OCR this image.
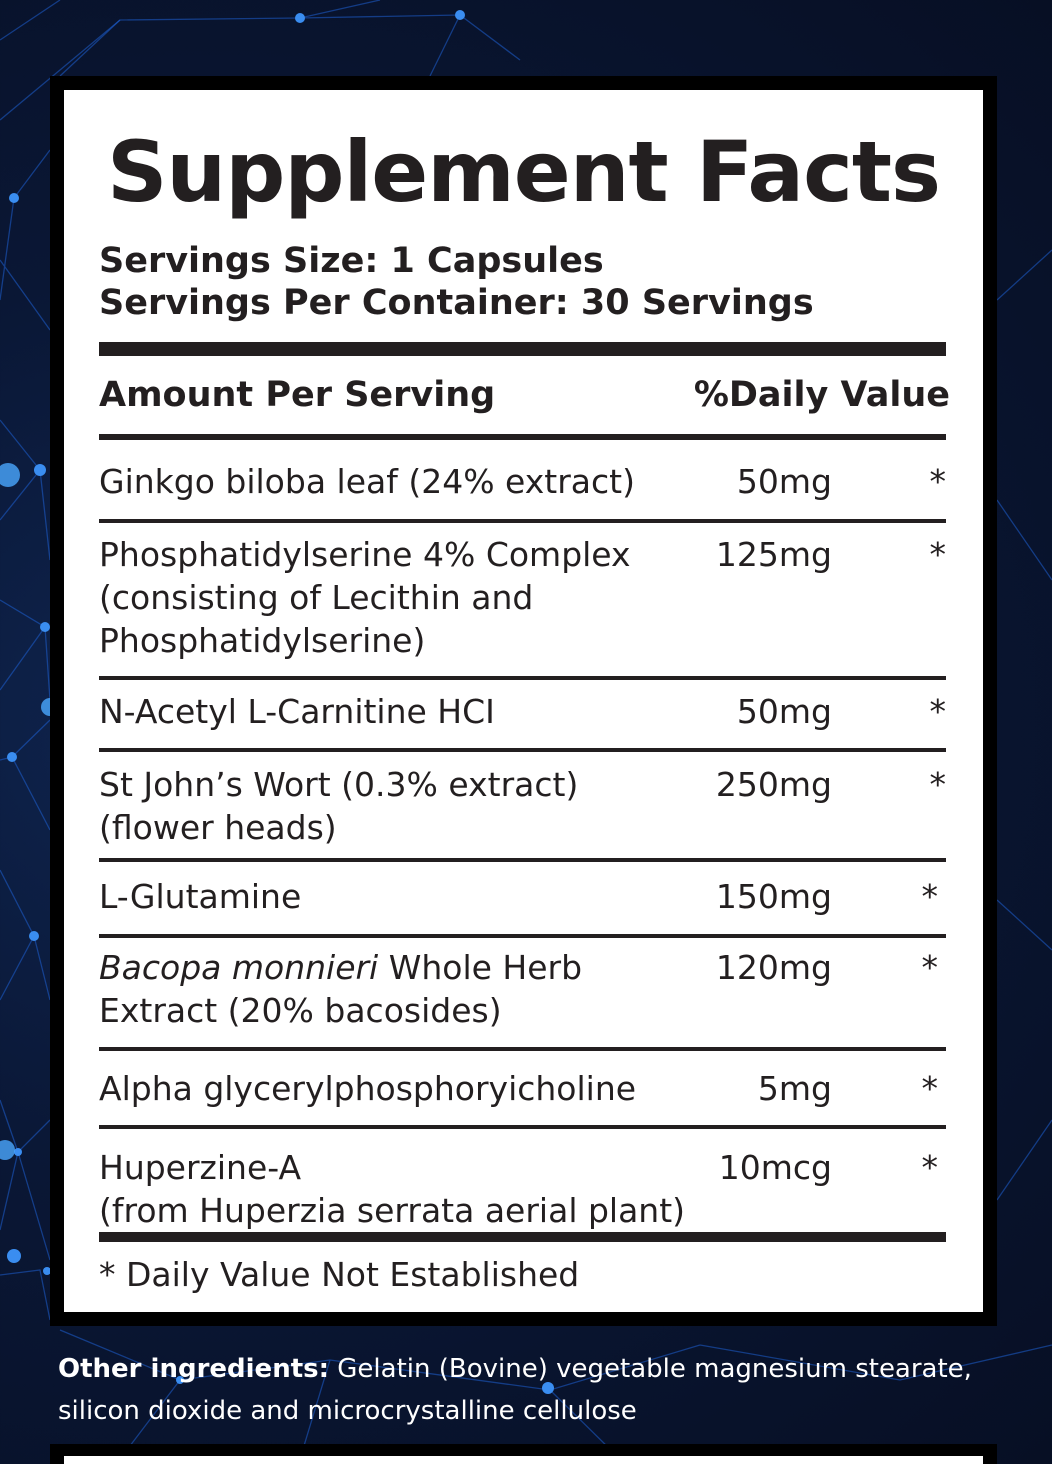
Supplement Facts
Servings Size: 1 Capsules
Servings Per Container: 30 Servings
Amount Per Serving	%Daily Value
Ginkgo biloba leaf (24% extract)	50mg	*
Phosphatidylserine 4% Complex
(consisting of Lecithin and
Phosphatidylserine)
125mg	*
N-Acetyl L-Carnitine HCI	50mg	*
St John’s Wort (0.3% extract)
(flower heads)
250mg	*
L-Glutamine	150mg	*
Bacopa monnieri Whole Herb
Extract (20% bacosides)
120mg	*
Alpha glycerylphosphoryicholine	5mg	*
Huperzine-A
(from Huperzia serrata aerial plant)
10mcg	*
* Daily Value Not Established
Other ingredients: Gelatin (Bovine) vegetable magnesium stearate,
silicon dioxide and microcrystalline cellulose
